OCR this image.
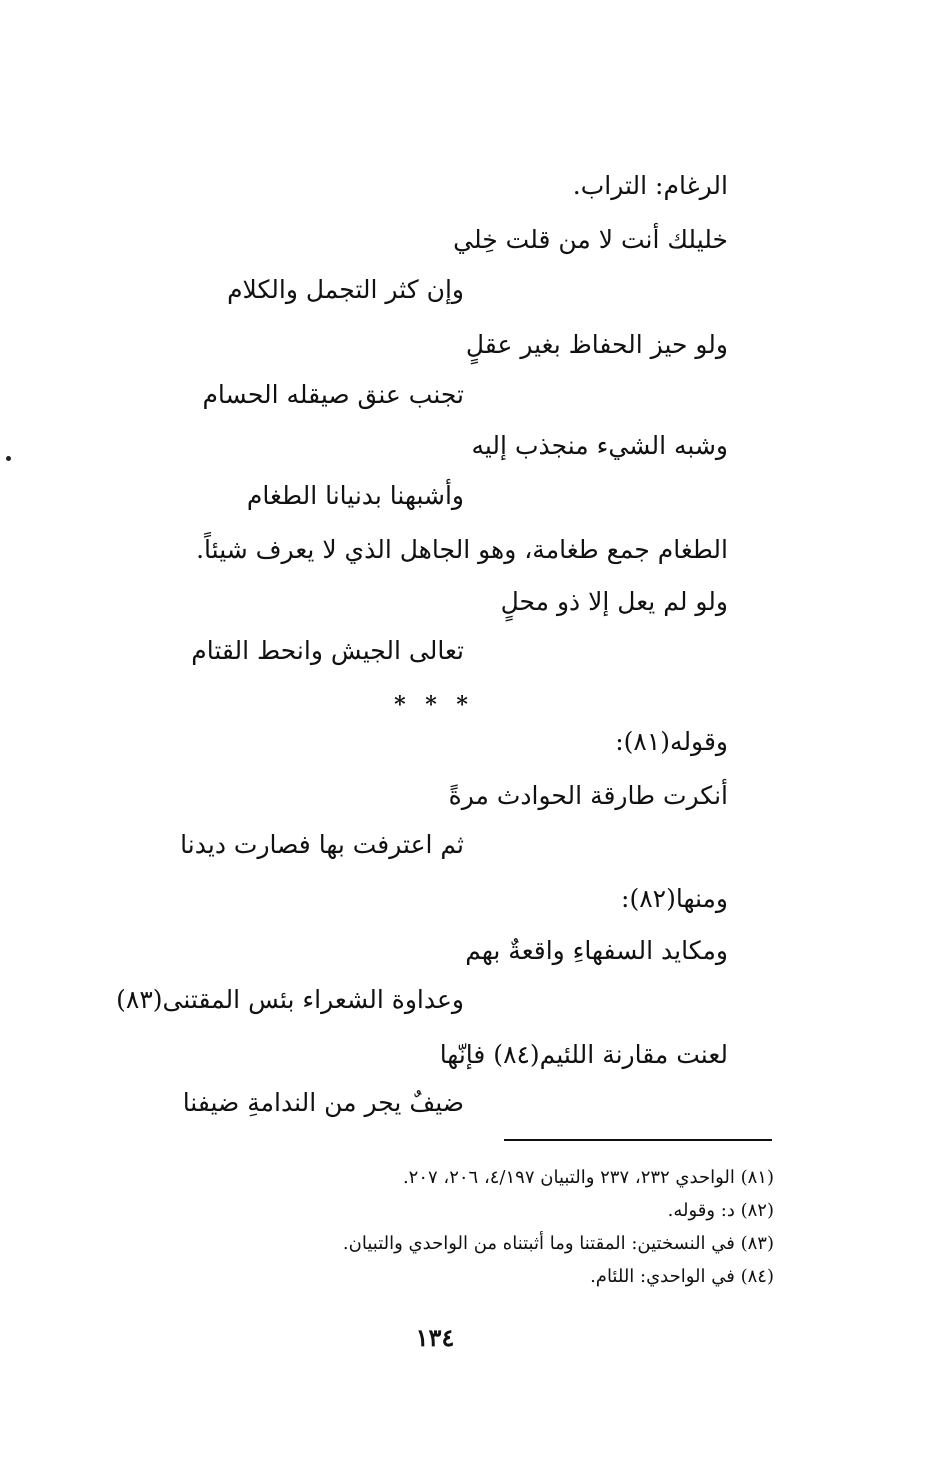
الرغام: التراب.
خليلك أنت لا من قلت خِلي
وإن كثر التجمل والكلام
ولو حيز الحفاظ بغير عقلٍ
تجنب عنق صيقله الحسام
وشبه الشيء منجذب إليه
وأشبهنا بدنيانا الطغام
الطغام جمع طغامة، وهو الجاهل الذي لا يعرف شيئاً.
ولو لم يعل إلا ذو محلٍ
تعالى الجيش وانحط القتام
* * *
وقوله(٨١):
أنكرت طارقة الحوادث مرةً
ثم اعترفت بها فصارت ديدنا
ومنها(٨٢):
ومكايد السفهاءِ واقعةٌ بهم
وعداوة الشعراء بئس المقتنى(٨٣)
لعنت مقارنة اللئيم(٨٤) فإنّها
ضيفٌ يجر من الندامةِ ضيفنا
(٨١) الواحدي ٢٣٢، ٢٣٧ والتبيان ٤/١٩٧، ٢٠٦، ٢٠٧.
(٨٢) د: وقوله.
(٨٣) في النسختين: المقتنا وما أثبتناه من الواحدي والتبيان.
(٨٤) في الواحدي: اللئام.
١٣٤
